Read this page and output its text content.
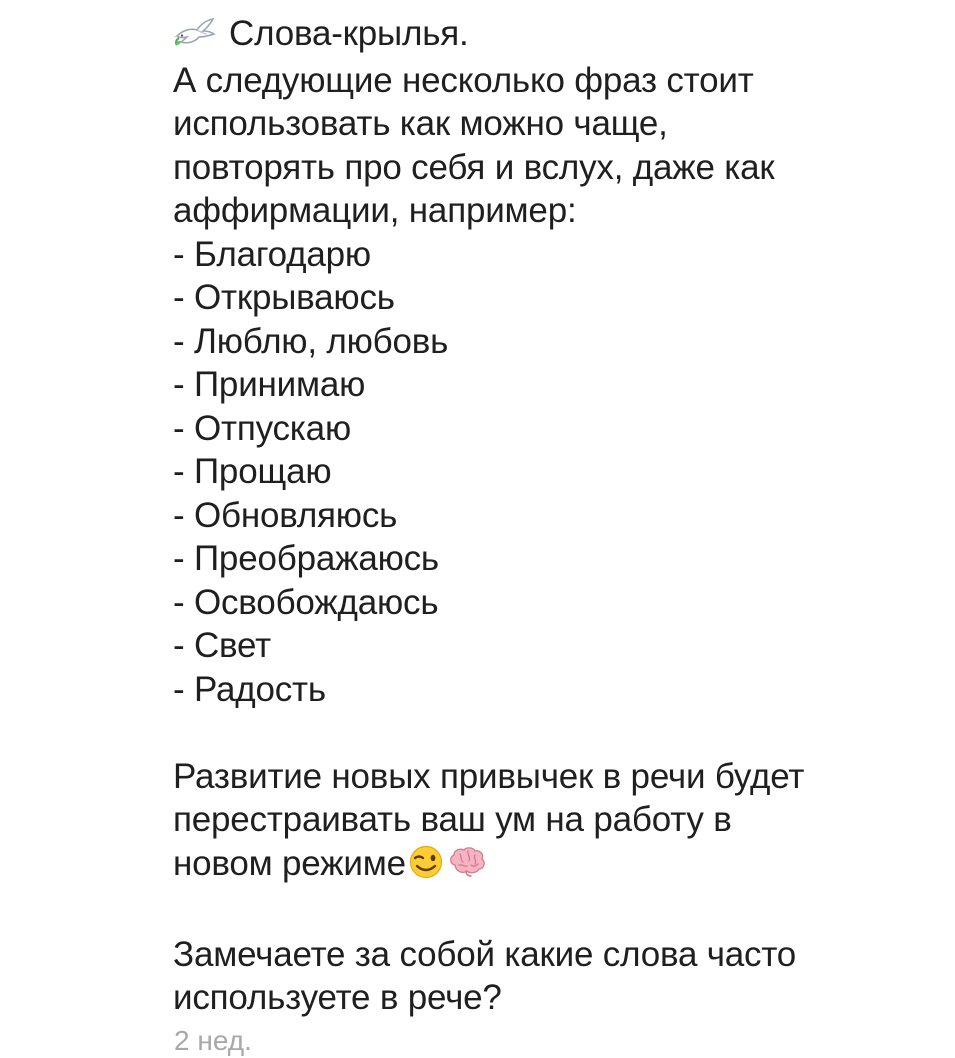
Слова-крылья.
А следующие несколько фраз стоит
использовать как можно чаще,
повторять про себя и вслух, даже как
аффирмации, например:
- Благодарю
- Открываюсь
- Люблю, любовь
- Принимаю
- Отпускаю
- Прощаю
- Обновляюсь
- Преображаюсь
- Освобождаюсь
- Свет
- Радость
Развитие новых привычек в речи будет
перестраивать ваш ум на работу в
новом режиме
Замечаете за собой какие слова часто
используете в рече?
2 нед.
